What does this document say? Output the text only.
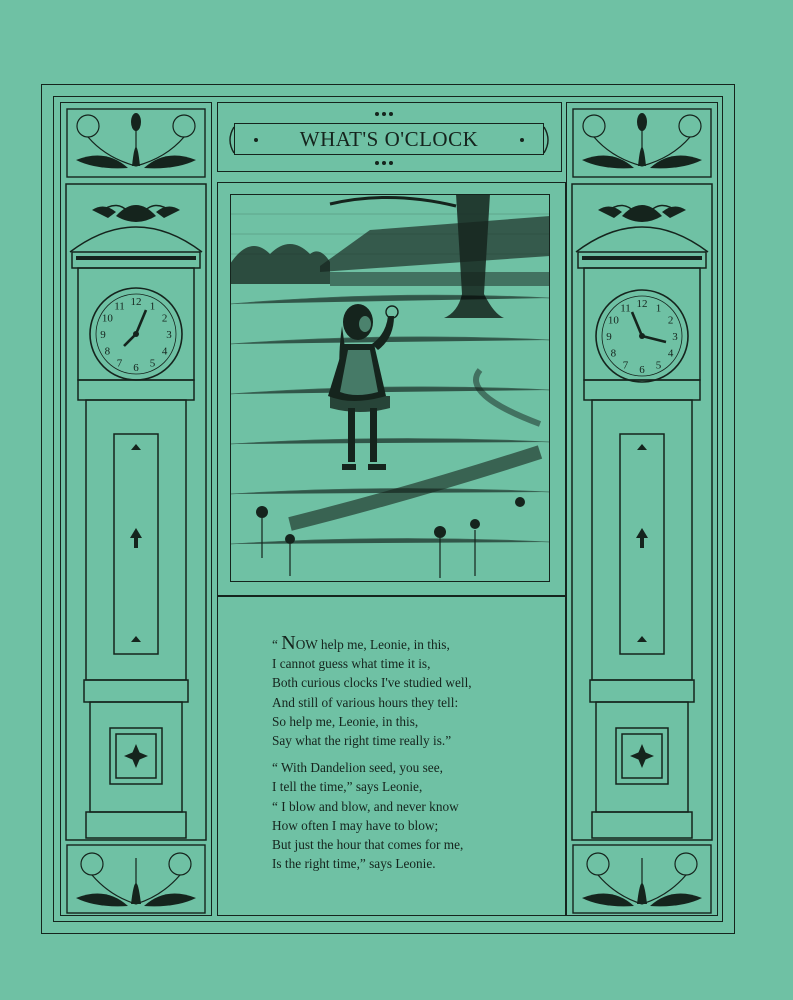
WHAT'S O'CLOCK
12 1
2
3
4
5
6
7
8
9
10
11	12 1
2
3
4
5
6
7
8
9
10
11
“ NOW help me, Leonie, in this,
I cannot guess what time it is,
Both curious clocks I've studied well,
And still of various hours they tell:
So help me, Leonie, in this,
Say what the right time really is.”
“ With Dandelion seed, you see,
I tell the time,” says Leonie,
“ I blow and blow, and never know
How often I may have to blow;
But just the hour that comes for me,
Is the right time,” says Leonie.
